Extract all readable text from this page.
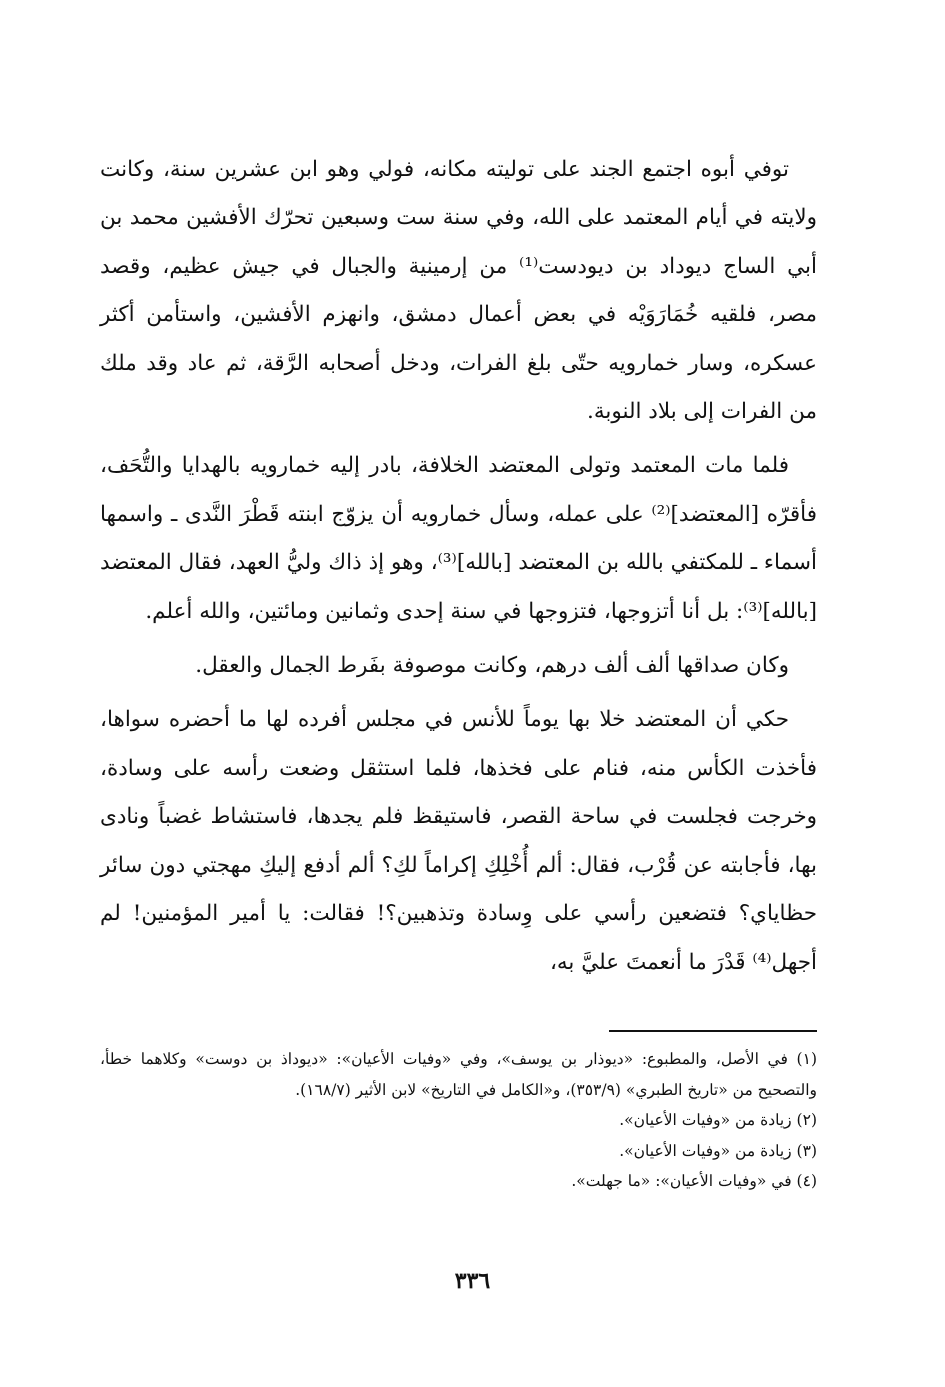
توفي أبوه اجتمع الجند على توليته مكانه، فولي وهو ابن عشرين سنة، وكانت ولايته في أيام المعتمد على الله، وفي سنة ست وسبعين تحرّك الأفشين محمد بن أبي الساج ديوداد بن ديودست⁽¹⁾ من إرمينية والجبال في جيش عظيم، وقصد مصر، فلقيه خُمَارَوَيْه في بعض أعمال دمشق، وانهزم الأفشين، واستأمن أكثر عسكره، وسار خمارويه حتّى بلغ الفرات، ودخل أصحابه الرَّقة، ثم عاد وقد ملك من الفرات إلى بلاد النوبة.

فلما مات المعتمد وتولى المعتضد الخلافة، بادر إليه خمارويه بالهدايا والتُّحَف، فأقرّه [المعتضد]⁽²⁾ على عمله، وسأل خمارويه أن يزوّج ابنته قَطْرَ النَّدى ـ واسمها أسماء ـ للمكتفي بالله بن المعتضد [بالله]⁽³⁾، وهو إذ ذاك وليُّ العهد، فقال المعتضد [بالله]⁽³⁾: بل أنا أتزوجها، فتزوجها في سنة إحدى وثمانين ومائتين، والله أعلم.

وكان صداقها ألف ألف درهم، وكانت موصوفة بفَرط الجمال والعقل.

حكي أن المعتضد خلا بها يوماً للأنس في مجلس أفرده لها ما أحضره سواها، فأخذت الكأس منه، فنام على فخذها، فلما استثقل وضعت رأسه على وسادة، وخرجت فجلست في ساحة القصر، فاستيقظ فلم يجدها، فاستشاط غضباً ونادى بها، فأجابته عن قُرْب، فقال: ألم أُخْلِكِ إكراماً لكِ؟ ألم أدفع إليكِ مهجتي دون سائر حظاياي؟ فتضعين رأسي على وِسادة وتذهبين؟! فقالت: يا أمير المؤمنين! لم أجهل⁽⁴⁾ قَدْرَ ما أنعمتَ عليَّ به،

(١) في الأصل، والمطبوع: «ديوذار بن يوسف»، وفي «وفيات الأعيان»: «ديوداذ بن دوست» وكلاهما خطأ، والتصحيح من «تاريخ الطبري» (٣٥٣/٩)، و«الكامل في التاريخ» لابن الأثير (١٦٨/٧).

(٢) زيادة من «وفيات الأعيان».

(٣) زيادة من «وفيات الأعيان».

(٤) في «وفيات الأعيان»: «ما جهلت».

٣٣٦
